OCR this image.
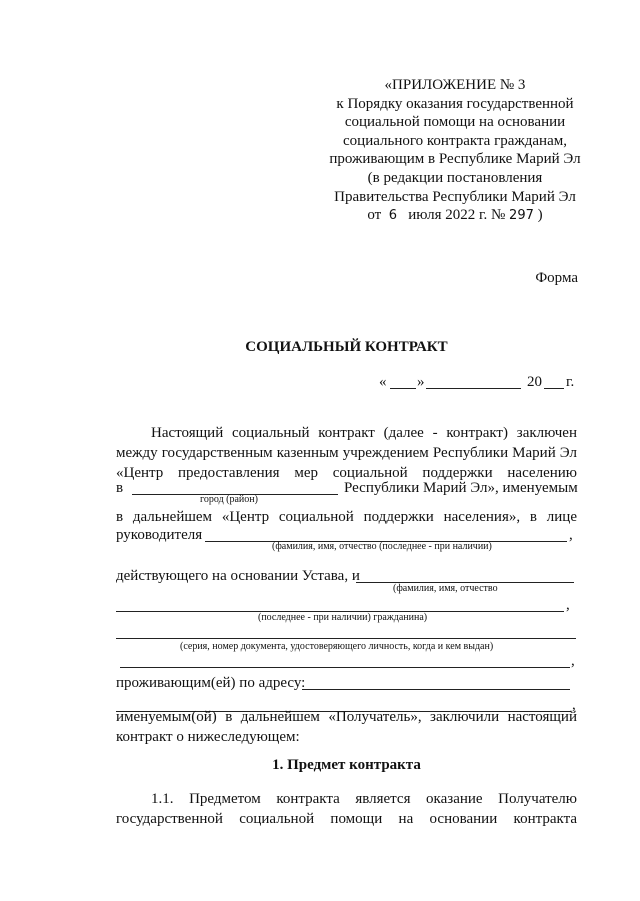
«ПРИЛОЖЕНИЕ № 3
к Порядку оказания государственной
социальной помощи на основании
социального контракта гражданам,
проживающим в Республике Марий Эл
(в редакции постановления
Правительства Республики Марий Эл
от 6 июля 2022 г. № 297 )
Форма
СОЦИАЛЬНЫЙ КОНТРАКТ
« »	20 г.
Настоящий социальный контракт (далее - контракт) заключен
между государственным казенным учреждением Республики Марий Эл
«Центр предоставления мер социальной поддержки населению
в	Республики Марий Эл», именуемым
город (район)
в дальнейшем «Центр социальной поддержки населения», в лице
руководителя	,
(фамилия, имя, отчество (последнее - при наличии)
действующего на основании Устава, и
(фамилия, имя, отчество
,
(последнее - при наличии) гражданина)
(серия, номер документа, удостоверяющего личность, когда и кем выдан)
,
проживающим(ей) по адресу:
,
именуемым(ой) в дальнейшем «Получатель», заключили настоящий
контракт о нижеследующем:
1. Предмет контракта
1.1. Предметом контракта является оказание Получателю
государственной социальной помощи на основании контракта
